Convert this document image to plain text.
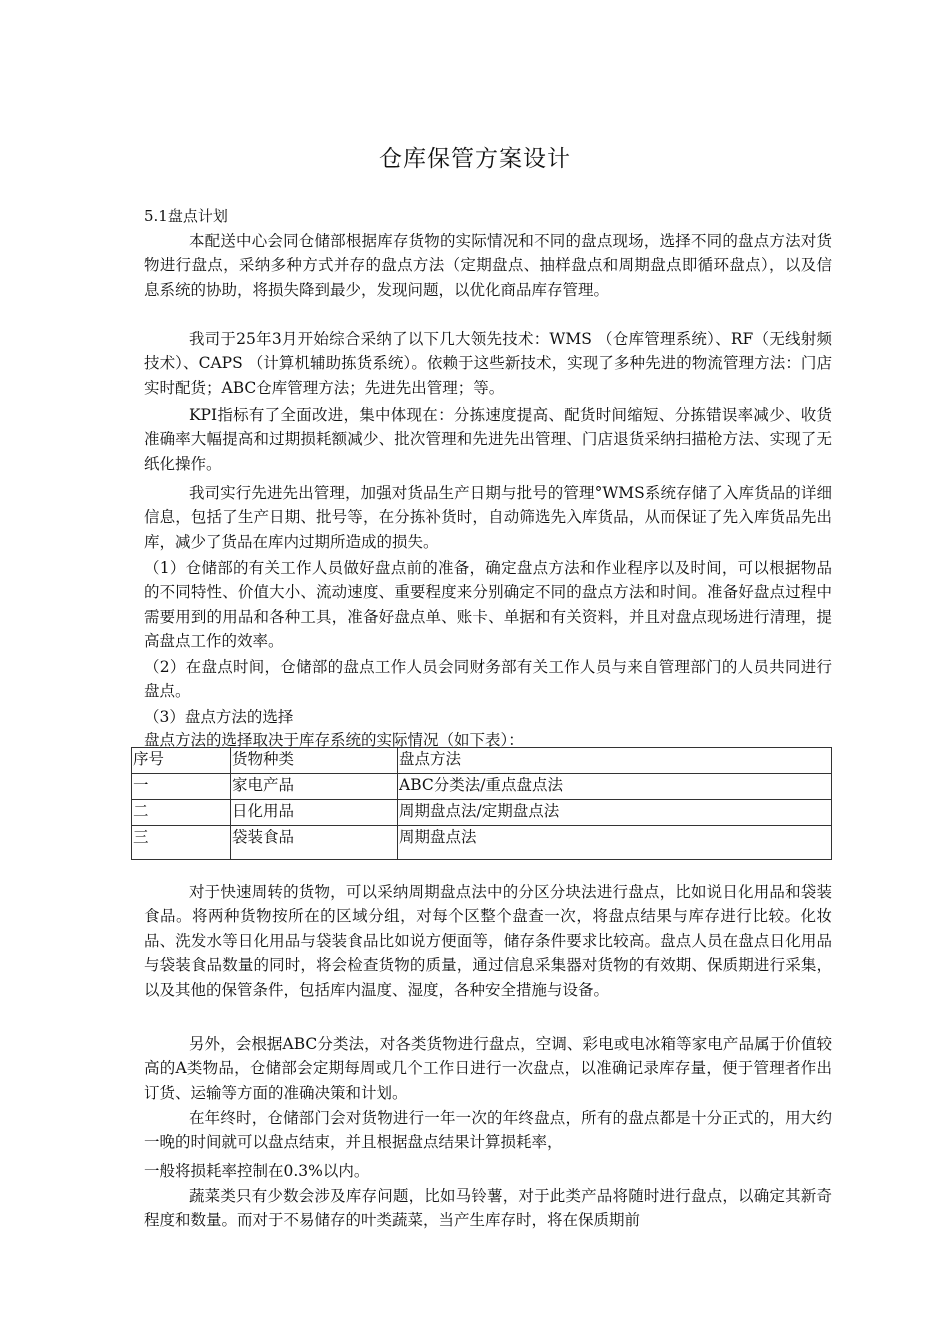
仓库保管方案设计
5.1盘点计划
本配送中心会同仓储部根据库存货物的实际情况和不同的盘点现场，选择不同的盘点方法对货物进行盘点，采纳多种方式并存的盘点方法（定期盘点、抽样盘点和周期盘点即循环盘点），以及信息系统的协助，将损失降到最少，发现问题，以优化商品库存管理。
我司于25年3月开始综合采纳了以下几大领先技术：WMS （仓库管理系统）、RF（无线射频技术）、CAPS （计算机辅助拣货系统）。依赖于这些新技术，实现了多种先进的物流管理方法：门店实时配货；ABC仓库管理方法；先进先出管理；等。
KPI指标有了全面改进，集中体现在：分拣速度提高、配货时间缩短、分拣错误率减少、收货准确率大幅提高和过期损耗额减少、批次管理和先进先出管理、门店退货采纳扫描枪方法、实现了无纸化操作。
我司实行先进先出管理，加强对货品生产日期与批号的管理°WMS系统存储了入库货品的详细信息，包括了生产日期、批号等，在分拣补货时，自动筛选先入库货品，从而保证了先入库货品先出库，减少了货品在库内过期所造成的损失。
（1）仓储部的有关工作人员做好盘点前的准备，确定盘点方法和作业程序以及时间，可以根据物品的不同特性、价值大小、流动速度、重要程度来分别确定不同的盘点方法和时间。准备好盘点过程中需要用到的用品和各种工具，准备好盘点单、账卡、单据和有关资料，并且对盘点现场进行清理，提高盘点工作的效率。
（2）在盘点时间，仓储部的盘点工作人员会同财务部有关工作人员与来自管理部门的人员共同进行盘点。
（3）盘点方法的选择
盘点方法的选择取决于库存系统的实际情况（如下表）：
序号	货物种类	盘点方法
一	家电产品	ABC分类法/重点盘点法
二	日化用品	周期盘点法/定期盘点法
三	袋装食品	周期盘点法
对于快速周转的货物，可以采纳周期盘点法中的分区分块法进行盘点，比如说日化用品和袋装食品。将两种货物按所在的区域分组，对每个区整个盘查一次，将盘点结果与库存进行比较。化妆品、洗发水等日化用品与袋装食品比如说方便面等，储存条件要求比较高。盘点人员在盘点日化用品与袋装食品数量的同时，将会检查货物的质量，通过信息采集器对货物的有效期、保质期进行采集，以及其他的保管条件，包括库内温度、湿度，各种安全措施与设备。
另外，会根据ABC分类法，对各类货物进行盘点，空调、彩电或电冰箱等家电产品属于价值较高的A类物品，仓储部会定期每周或几个工作日进行一次盘点，以准确记录库存量，便于管理者作出订货、运输等方面的准确决策和计划。
在年终时，仓储部门会对货物进行一年一次的年终盘点，所有的盘点都是十分正式的，用大约一晚的时间就可以盘点结束，并且根据盘点结果计算损耗率，
一般将损耗率控制在0.3%以内。
蔬菜类只有少数会涉及库存问题，比如马铃薯，对于此类产品将随时进行盘点，以确定其新奇程度和数量。而对于不易储存的叶类蔬菜，当产生库存时，将在保质期前
